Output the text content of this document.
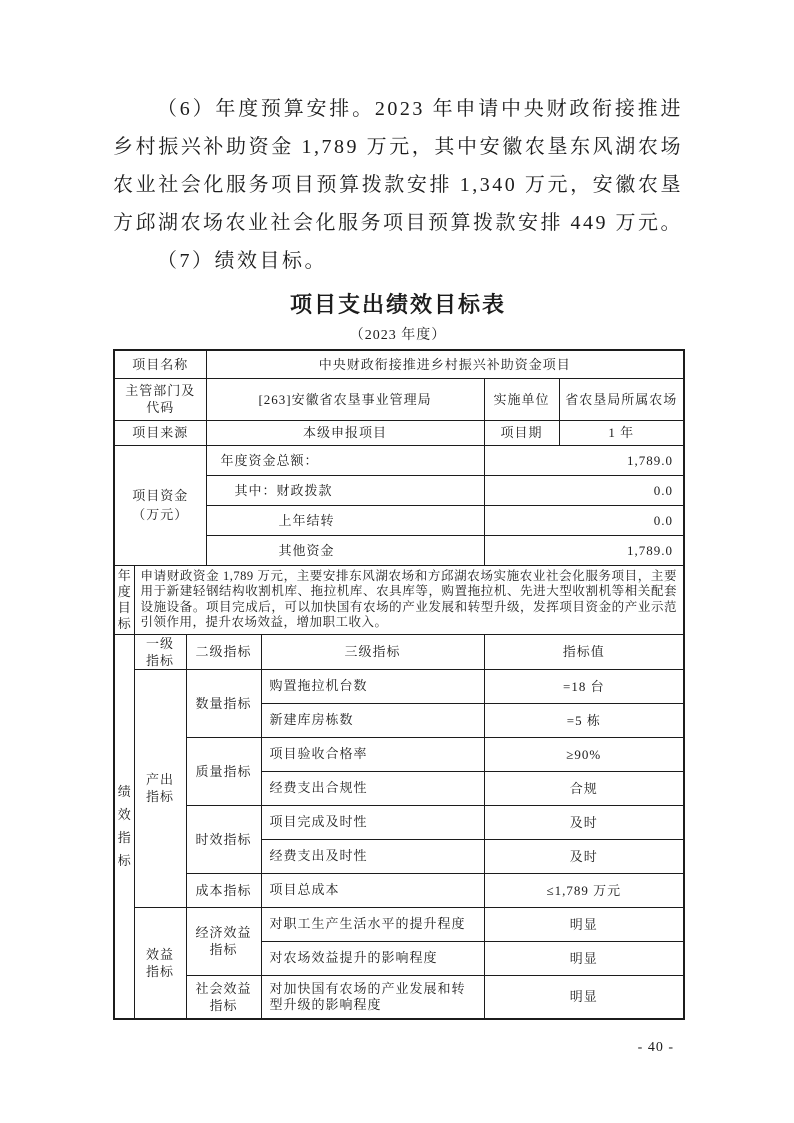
（6）年度预算安排。2023 年申请中央财政衔接推进乡村振兴补助资金 1,789 万元，其中安徽农垦东风湖农场农业社会化服务项目预算拨款安排 1,340 万元，安徽农垦方邱湖农场农业社会化服务项目预算拨款安排 449 万元。

（7）绩效目标。

项目支出绩效目标表
（2023 年度）
项目名称			中央财政衔接推进乡村振兴补助资金项目			
主管部门及代码			[263]安徽省农垦事业管理局		实施单位	省农垦局所属农场
项目来源			本级申报项目		项目期	1 年
项目资金（万元）			年度资金总额：		1,789.0	
			其中：财政拨款		0.0	
			上年结转		0.0	
			其他资金		1,789.0	
年度目标	申请财政资金 1,789 万元，主要安排东风湖农场和方邱湖农场实施农业社会化服务项目，主要用于新建轻钢结构收割机库、拖拉机库、农具库等，购置拖拉机、先进大型收割机等相关配套设施设备。项目完成后，可以加快国有农场的产业发展和转型升级，发挥项目资金的产业示范引领作用，提升农场效益，增加职工收入。					
绩效指标	一级指标	二级指标		三级指标	指标值	
	产出指标	数量指标		购置拖拉机台数	=18 台	
				新建库房栋数	=5 栋	
		质量指标		项目验收合格率	≥90%	
				经费支出合规性	合规	
		时效指标		项目完成及时性	及时	
				经费支出及时性	及时	
		成本指标		项目总成本	≤1,789 万元	
	效益指标	经济效益指标		对职工生产生活水平的提升程度	明显	
				对农场效益提升的影响程度	明显	
		社会效益指标		对加快国有农场的产业发展和转型升级的影响程度	明显	
- 40 -
